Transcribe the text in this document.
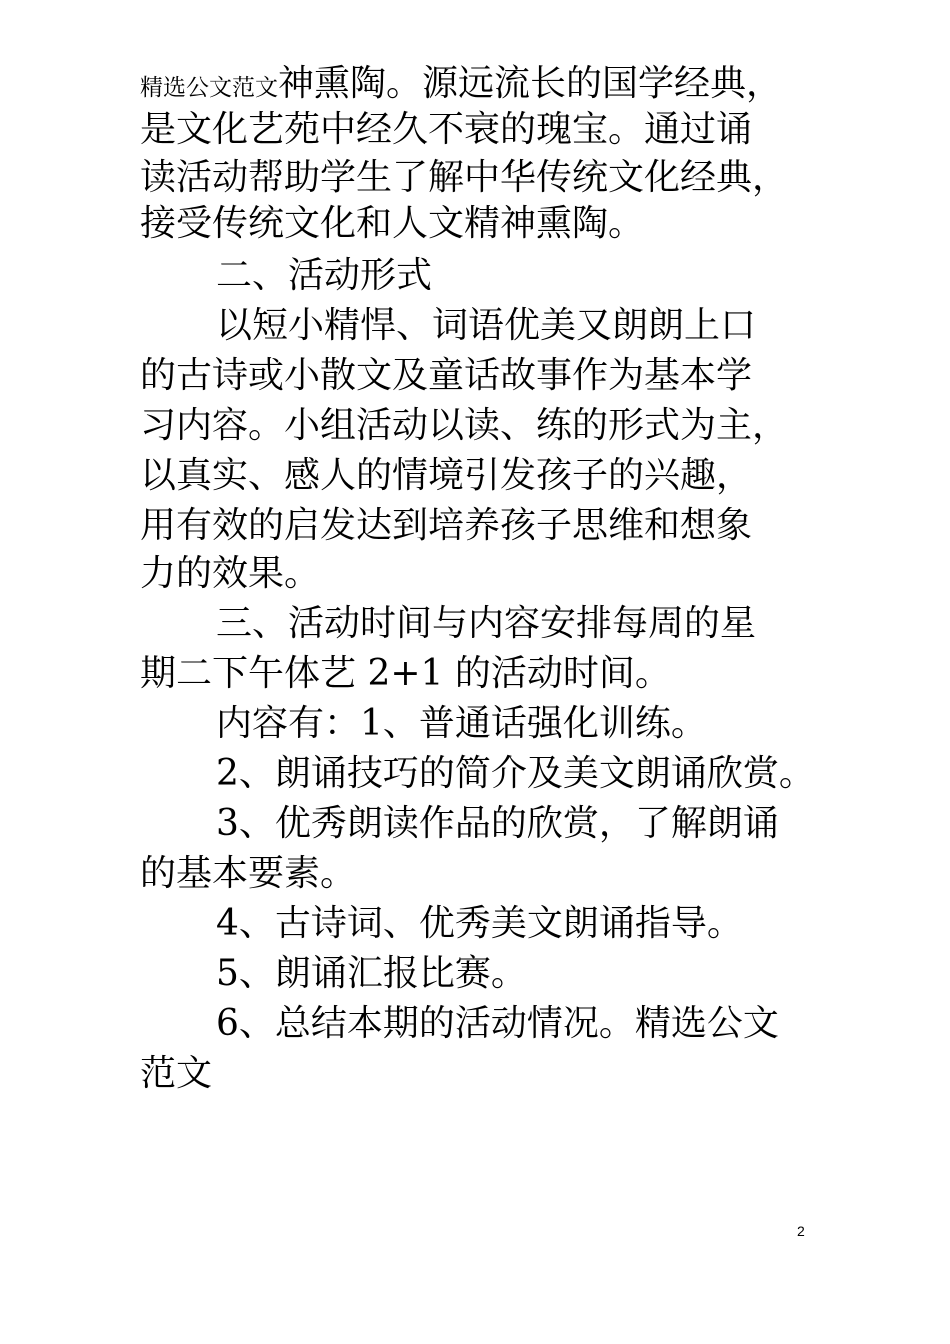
精选公文范文神熏陶。源远流长的国学经典，
是文化艺苑中经久不衰的瑰宝。通过诵
读活动帮助学生了解中华传统文化经典，
接受传统文化和人文精神熏陶。
二、活动形式
以短小精悍、词语优美又朗朗上口
的古诗或小散文及童话故事作为基本学
习内容。小组活动以读、练的形式为主，
以真实、感人的情境引发孩子的兴趣，
用有效的启发达到培养孩子思维和想象
力的效果。
三、活动时间与内容安排每周的星
期二下午体艺 2+1 的活动时间。
内容有：1、普通话强化训练。
2、朗诵技巧的简介及美文朗诵欣赏。
3、优秀朗读作品的欣赏，了解朗诵
的基本要素。
4、古诗词、优秀美文朗诵指导。
5、朗诵汇报比赛。
6、总结本期的活动情况。精选公文
范文
2
